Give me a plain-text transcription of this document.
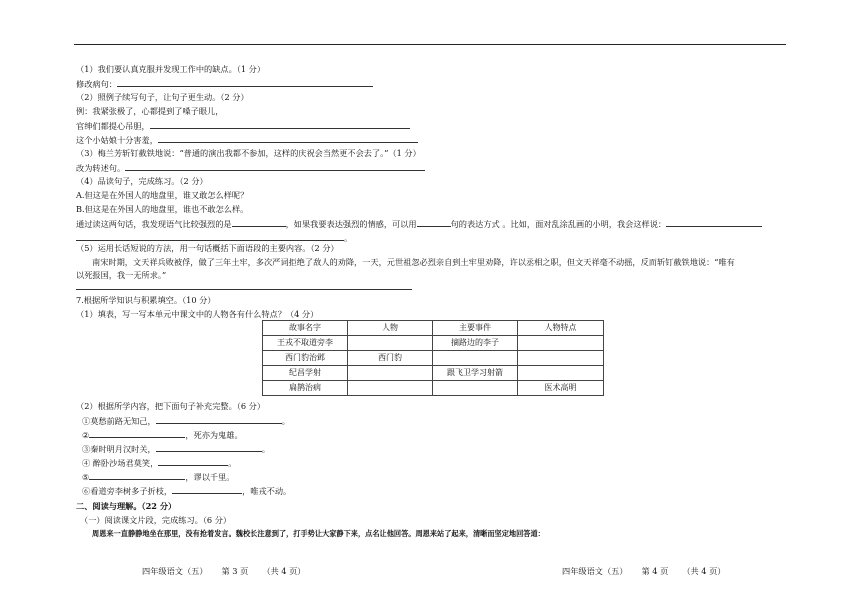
（1）我们要认真克服并发现工作中的缺点。（1 分）
修改病句：
（2）照例子续写句子，让句子更生动。（2 分）
例：我紧张极了，心都提到了嗓子眼儿，
官绅们都提心吊胆，
这个小姑娘十分害羞，
（3）梅兰芳斩钉截铁地说：“普通的演出我都不参加，这样的庆祝会当然更不会去了。”（1 分）
改为转述句。
（4）品读句子，完成练习。（2 分）
A.但这是在外国人的地盘里，谁又敢怎么样呢？
B.但这是在外国人的地盘里，谁也不敢怎么样。
通过读这两句话，我发现语气比较强烈的是	，如果我要表达强烈的情感，可以用	句的表达方式 。比如，面对乱涂乱画的小明，我会这样说：
。
（5）运用长话短说的方法，用一句话概括下面语段的主要内容。（2 分）
南宋时期，文天祥兵败被俘，做了三年土牢，多次严词拒绝了敌人的劝降，一天，元世祖忽必烈亲自到土牢里劝降，许以丞相之职，但文天祥毫不动摇，反而斩钉截铁地说：“唯有
以死报国，我一无所求。”
7.根据所学知识与积累填空。（10 分）
（1）填表，写一写本单元中课文中的人物各有什么特点？（4 分）
故事名字	人物	主要事件	人物特点
王戎不取道旁李		摘路边的李子	
西门豹治邺	西门豹		
纪昌学射		跟飞卫学习射箭	
扁鹊治病			医术高明
（2）根据所学内容，把下面句子补充完整。（6 分）
①莫愁前路无知己，	。
②	，死亦为鬼雄。
③秦时明月汉时关，	。
④ 醉卧沙场君莫笑，	。
⑤	，谬以千里。
⑥看道旁李树多子折枝，	，唯戎不动。
二、阅读与理解。（22 分）
（一）阅读课文片段，完成练习。（6 分）
周恩来一直静静地坐在那里，没有抢着发言。魏校长注意到了，打手势让大家静下来，点名让他回答。周恩来站了起来，清晰而坚定地回答道：
四年级语文（五） 第 3 页 （共 4 页）	四年级语文（五） 第 4 页 （共 4 页）
